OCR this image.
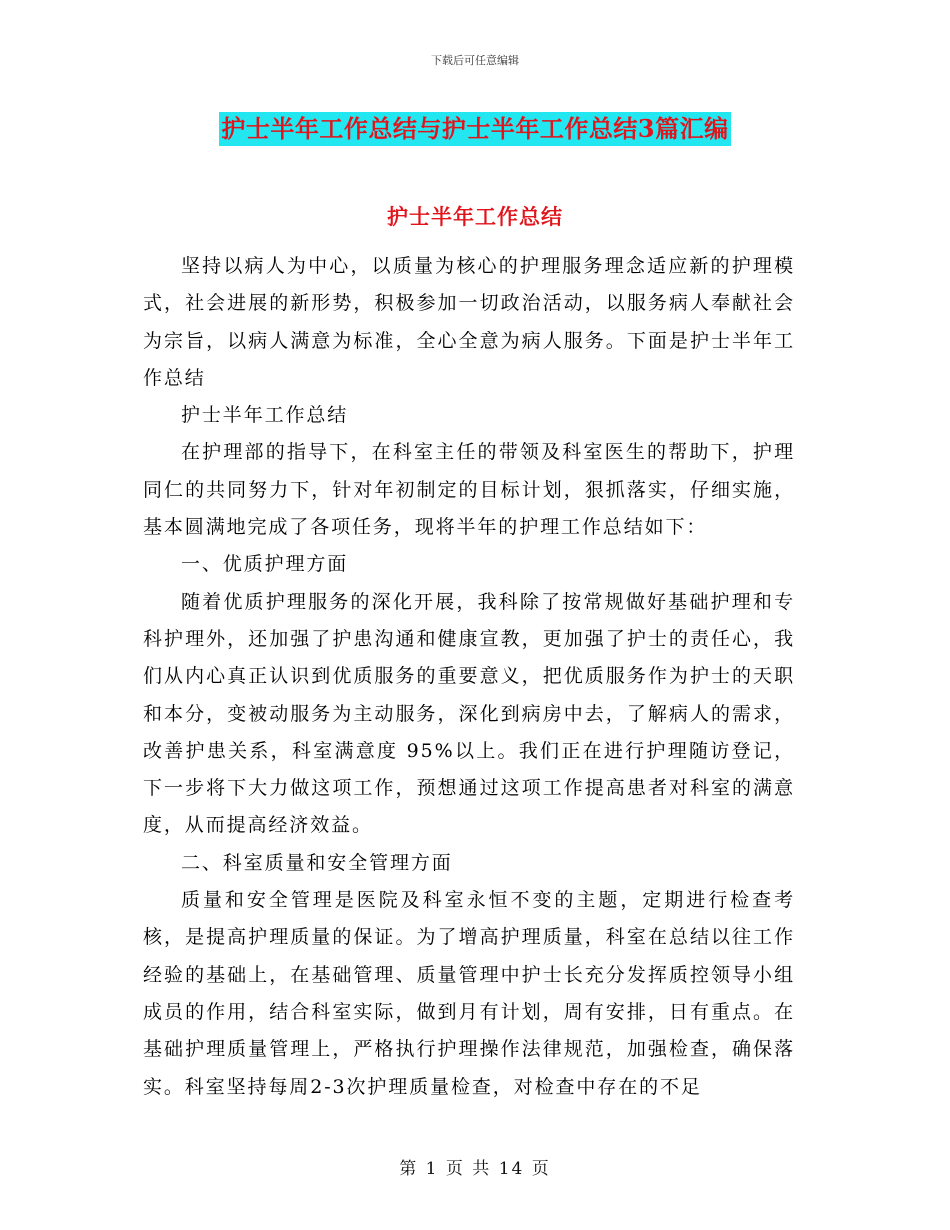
下载后可任意编辑
护士半年工作总结与护士半年工作总结3篇汇编
护士半年工作总结

坚持以病人为中心，以质量为核心的护理服务理念适应新的护理模式，社会进展的新形势，积极参加一切政治活动，以服务病人奉献社会为宗旨，以病人满意为标准，全心全意为病人服务。下面是护士半年工作总结

护士半年工作总结

在护理部的指导下，在科室主任的带领及科室医生的帮助下，护理同仁的共同努力下，针对年初制定的目标计划，狠抓落实，仔细实施，基本圆满地完成了各项任务，现将半年的护理工作总结如下：

一、优质护理方面

随着优质护理服务的深化开展，我科除了按常规做好基础护理和专科护理外，还加强了护患沟通和健康宣教，更加强了护士的责任心，我们从内心真正认识到优质服务的重要意义，把优质服务作为护士的天职和本分，变被动服务为主动服务，深化到病房中去，了解病人的需求，改善护患关系，科室满意度 95%以上。我们正在进行护理随访登记，下一步将下大力做这项工作，预想通过这项工作提高患者对科室的满意度，从而提高经济效益。

二、科室质量和安全管理方面

质量和安全管理是医院及科室永恒不变的主题，定期进行检查考核，是提高护理质量的保证。为了增高护理质量，科室在总结以往工作经验的基础上，在基础管理、质量管理中护士长充分发挥质控领导小组成员的作用，结合科室实际，做到月有计划，周有安排，日有重点。在基础护理质量管理上，严格执行护理操作法律规范，加强检查，确保落实。科室坚持每周2-3次护理质量检查，对检查中存在的不足

第 1 页 共 14 页
